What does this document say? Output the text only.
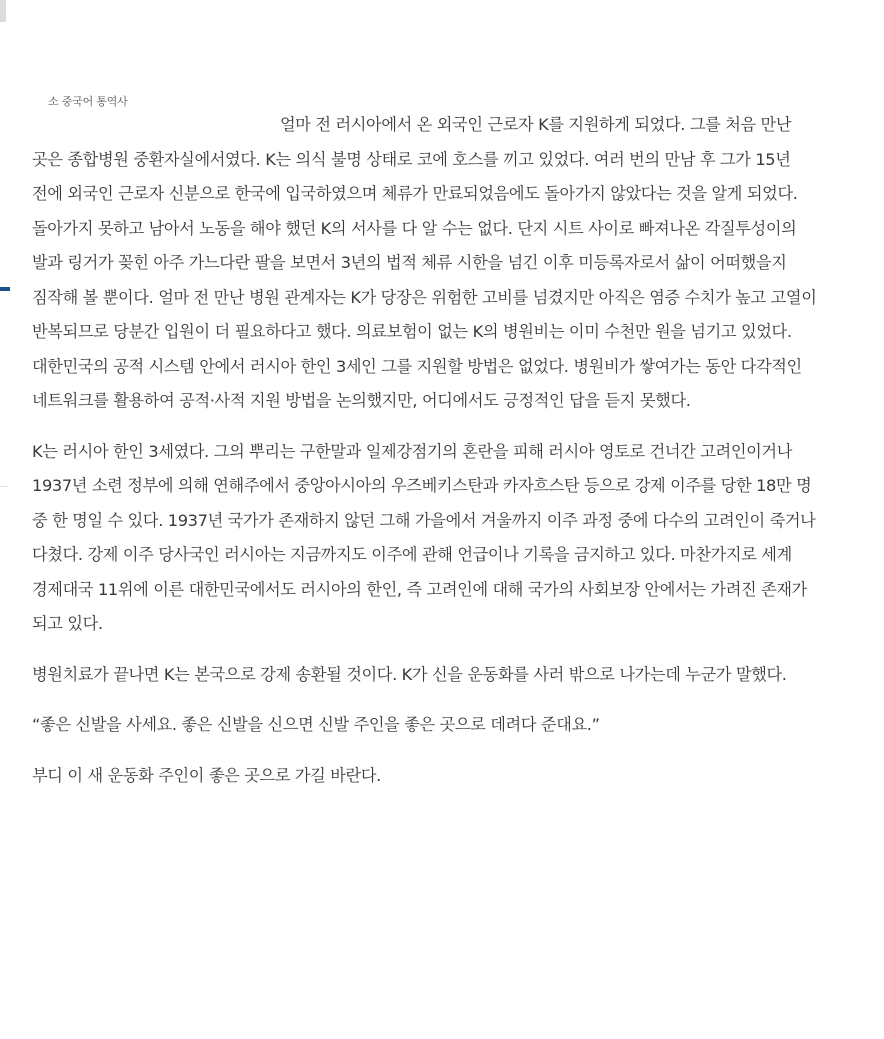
소 중국어 통역사

얼마 전 러시아에서 온 외국인 근로자 K를 지원하게 되었다. 그를 처음 만난 곳은 종합병원 중환자실에서였다. K는 의식 불명 상태로 코에 호스를 끼고 있었다. 여러 번의 만남 후 그가 15년 전에 외국인 근로자 신분으로 한국에 입국하였으며 체류가 만료되었음에도 돌아가지 않았다는 것을 알게 되었다. 돌아가지 못하고 남아서 노동을 해야 했던 K의 서사를 다 알 수는 없다. 단지 시트 사이로 빠져나온 각질투성이의 발과 링거가 꽂힌 아주 가느다란 팔을 보면서 3년의 법적 체류 시한을 넘긴 이후 미등록자로서 삶이 어떠했을지 짐작해 볼 뿐이다. 얼마 전 만난 병원 관계자는 K가 당장은 위험한 고비를 넘겼지만 아직은 염증 수치가 높고 고열이 반복되므로 당분간 입원이 더 필요하다고 했다. 의료보험이 없는 K의 병원비는 이미 수천만 원을 넘기고 있었다. 대한민국의 공적 시스템 안에서 러시아 한인 3세인 그를 지원할 방법은 없었다. 병원비가 쌓여가는 동안 다각적인 네트워크를 활용하여 공적·사적 지원 방법을 논의했지만, 어디에서도 긍정적인 답을 듣지 못했다.

K는 러시아 한인 3세였다. 그의 뿌리는 구한말과 일제강점기의 혼란을 피해 러시아 영토로 건너간 고려인이거나 1937년 소련 정부에 의해 연해주에서 중앙아시아의 우즈베키스탄과 카자흐스탄 등으로 강제 이주를 당한 18만 명 중 한 명일 수 있다. 1937년 국가가 존재하지 않던 그해 가을에서 겨울까지 이주 과정 중에 다수의 고려인이 죽거나 다쳤다. 강제 이주 당사국인 러시아는 지금까지도 이주에 관해 언급이나 기록을 금지하고 있다. 마찬가지로 세계 경제대국 11위에 이른 대한민국에서도 러시아의 한인, 즉 고려인에 대해 국가의 사회보장 안에서는 가려진 존재가 되고 있다.

병원치료가 끝나면 K는 본국으로 강제 송환될 것이다. K가 신을 운동화를 사러 밖으로 나가는데 누군가 말했다.

“좋은 신발을 사세요. 좋은 신발을 신으면 신발 주인을 좋은 곳으로 데려다 준대요.”

부디 이 새 운동화 주인이 좋은 곳으로 가길 바란다.
